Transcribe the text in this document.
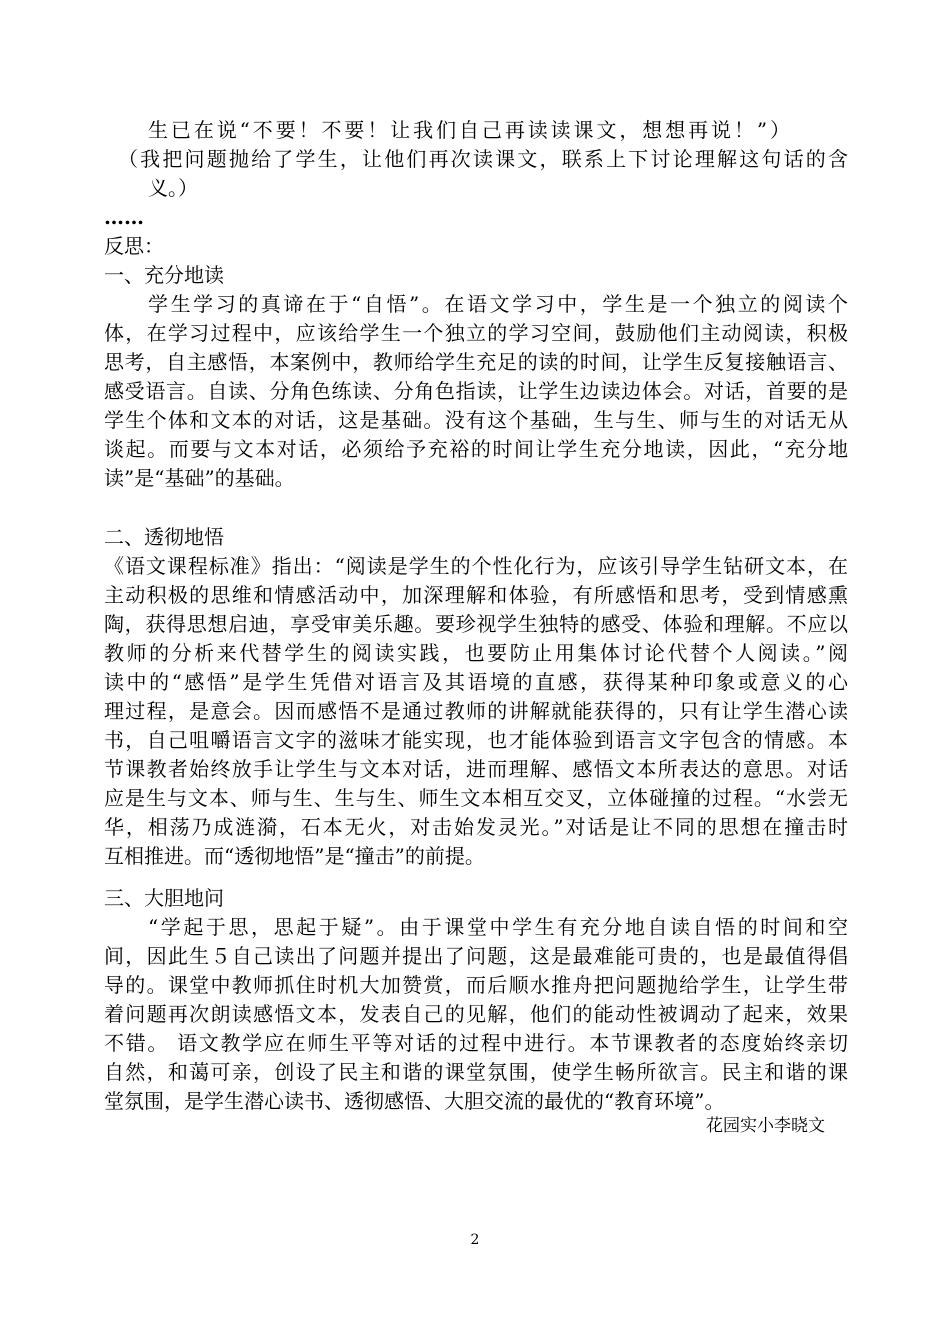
生已在说“不要！不要！让我们自己再读读课文，想想再说！”）
（我把问题抛给了学生，让他们再次读课文，联系上下讨论理解这句话的含
义。）
……
反思：
一、充分地读
学生学习的真谛在于“自悟”。在语文学习中，学生是一个独立的阅读个
体，在学习过程中，应该给学生一个独立的学习空间，鼓励他们主动阅读，积极
思考，自主感悟，本案例中，教师给学生充足的读的时间，让学生反复接触语言、
感受语言。自读、分角色练读、分角色指读，让学生边读边体会。对话，首要的是
学生个体和文本的对话，这是基础。没有这个基础，生与生、师与生的对话无从
谈起。而要与文本对话，必须给予充裕的时间让学生充分地读，因此，“充分地
读”是“基础”的基础。
二、透彻地悟
《语文课程标准》指出：“阅读是学生的个性化行为，应该引导学生钻研文本，在
主动积极的思维和情感活动中，加深理解和体验，有所感悟和思考，受到情感熏
陶，获得思想启迪，享受审美乐趣。要珍视学生独特的感受、体验和理解。不应以
教师的分析来代替学生的阅读实践，也要防止用集体讨论代替个人阅读。”阅
读中的“感悟”是学生凭借对语言及其语境的直感，获得某种印象或意义的心
理过程，是意会。因而感悟不是通过教师的讲解就能获得的，只有让学生潜心读
书，自己咀嚼语言文字的滋味才能实现，也才能体验到语言文字包含的情感。本
节课教者始终放手让学生与文本对话，进而理解、感悟文本所表达的意思。对话
应是生与文本、师与生、生与生、师生文本相互交叉，立体碰撞的过程。“水尝无
华，相荡乃成涟漪，石本无火，对击始发灵光。”对话是让不同的思想在撞击时
互相推进。而“透彻地悟”是“撞击”的前提。
三、大胆地问
“学起于思，思起于疑”。由于课堂中学生有充分地自读自悟的时间和空
间，因此生５自己读出了问题并提出了问题，这是最难能可贵的，也是最值得倡
导的。课堂中教师抓住时机大加赞赏，而后顺水推舟把问题抛给学生，让学生带
着问题再次朗读感悟文本，发表自己的见解，他们的能动性被调动了起来，效果
不错。 语文教学应在师生平等对话的过程中进行。本节课教者的态度始终亲切
自然，和蔼可亲，创设了民主和谐的课堂氛围，使学生畅所欲言。民主和谐的课
堂氛围，是学生潜心读书、透彻感悟、大胆交流的最优的“教育环境”。
花园实小李晓文
2
